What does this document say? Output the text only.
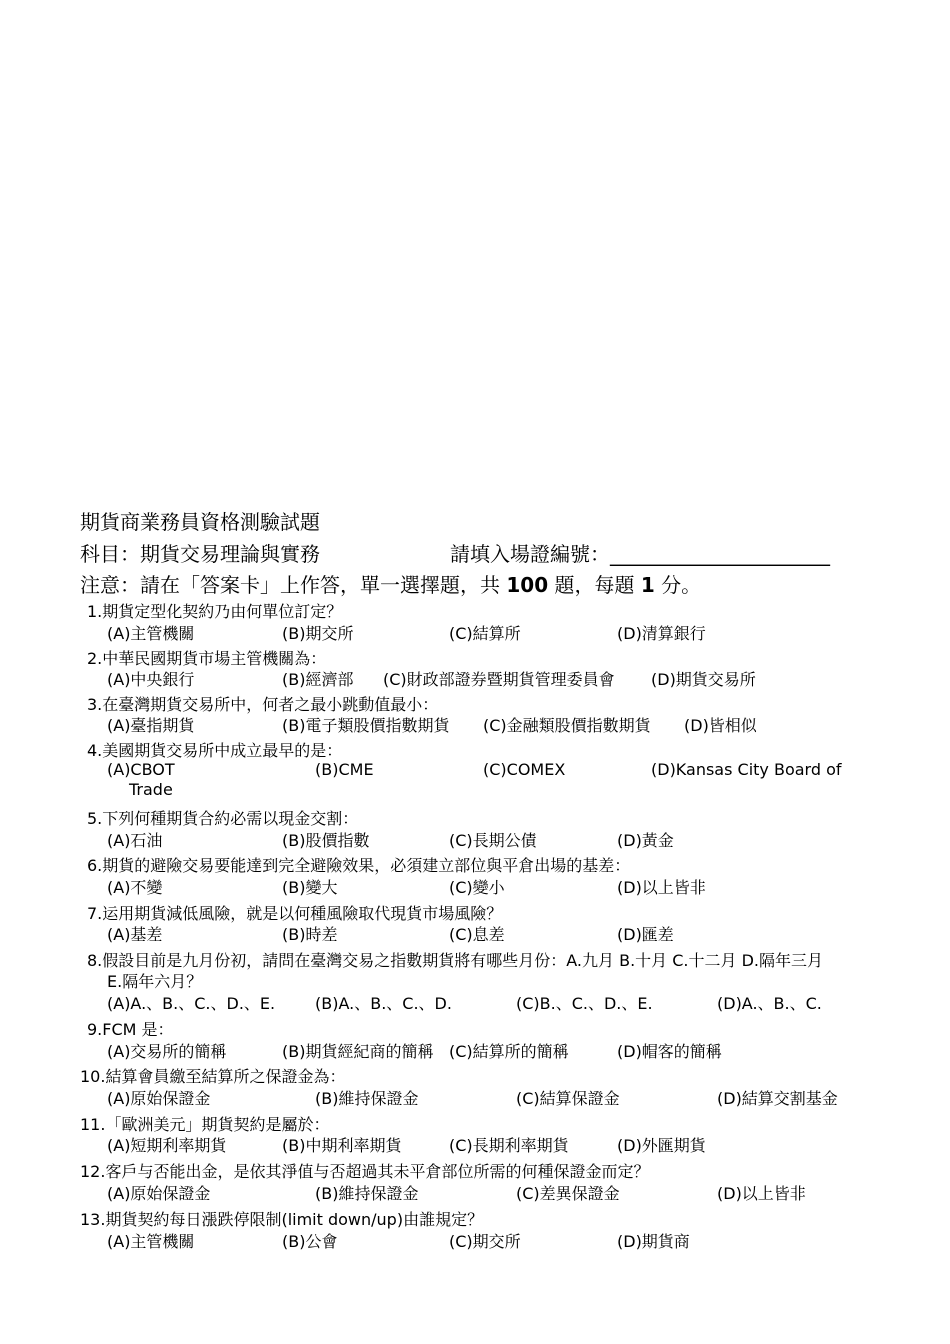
期貨商業務員資格測驗試題
科目：期貨交易理論與實務	請填入場證編號：______________________
注意：請在「答案卡」上作答，單一選擇題，共 100 題，每題 1 分。
1.期貨定型化契約乃由何單位訂定？
(A)主管機關	(B)期交所	(C)結算所	(D)清算銀行
2.中華民國期貨市場主管機關為：
(A)中央銀行	(B)經濟部 (C)財政部證券暨期貨管理委員會 (D)期貨交易所
3.在臺灣期貨交易所中，何者之最小跳動值最小：
(A)臺指期貨	(B)電子類股價指數期貨 (C)金融類股價指數期貨 (D)皆相似
4.美國期貨交易所中成立最早的是：
(A)CBOT	(B)CME	(C)COMEX	(D)Kansas City Board of
Trade
5.下列何種期貨合約必需以現金交割：
(A)石油	(B)股價指數	(C)長期公債	(D)黃金
6.期貨的避險交易要能達到完全避險效果，必須建立部位與平倉出場的基差：
(A)不變	(B)變大	(C)變小	(D)以上皆非
7.运用期貨減低風險，就是以何種風險取代現貨市場風險？
(A)基差	(B)時差	(C)息差	(D)匯差
8.假設目前是九月份初，請問在臺灣交易之指數期貨將有哪些月份：A.九月 B.十月 C.十二月 D.隔年三月
E.隔年六月？
(A)A.、B.、C.、D.、E. (B)A.、B.、C.、D.	(C)B.、C.、D.、E.	(D)A.、B.、C.
9.FCM 是：
(A)交易所的簡稱	(B)期貨經紀商的簡稱 (C)結算所的簡稱	(D)帽客的簡稱
10.結算會員繳至結算所之保證金為：
(A)原始保證金	(B)維持保證金	(C)結算保證金	(D)結算交割基金
11.「歐洲美元」期貨契約是屬於：
(A)短期利率期貨	(B)中期利率期貨	(C)長期利率期貨	(D)外匯期貨
12.客戶与否能出金，是依其淨值与否超過其未平倉部位所需的何種保證金而定？
(A)原始保證金	(B)維持保證金	(C)差異保證金	(D)以上皆非
13.期貨契約每日漲跌停限制(limit down/up)由誰規定？
(A)主管機關	(B)公會	(C)期交所	(D)期貨商
